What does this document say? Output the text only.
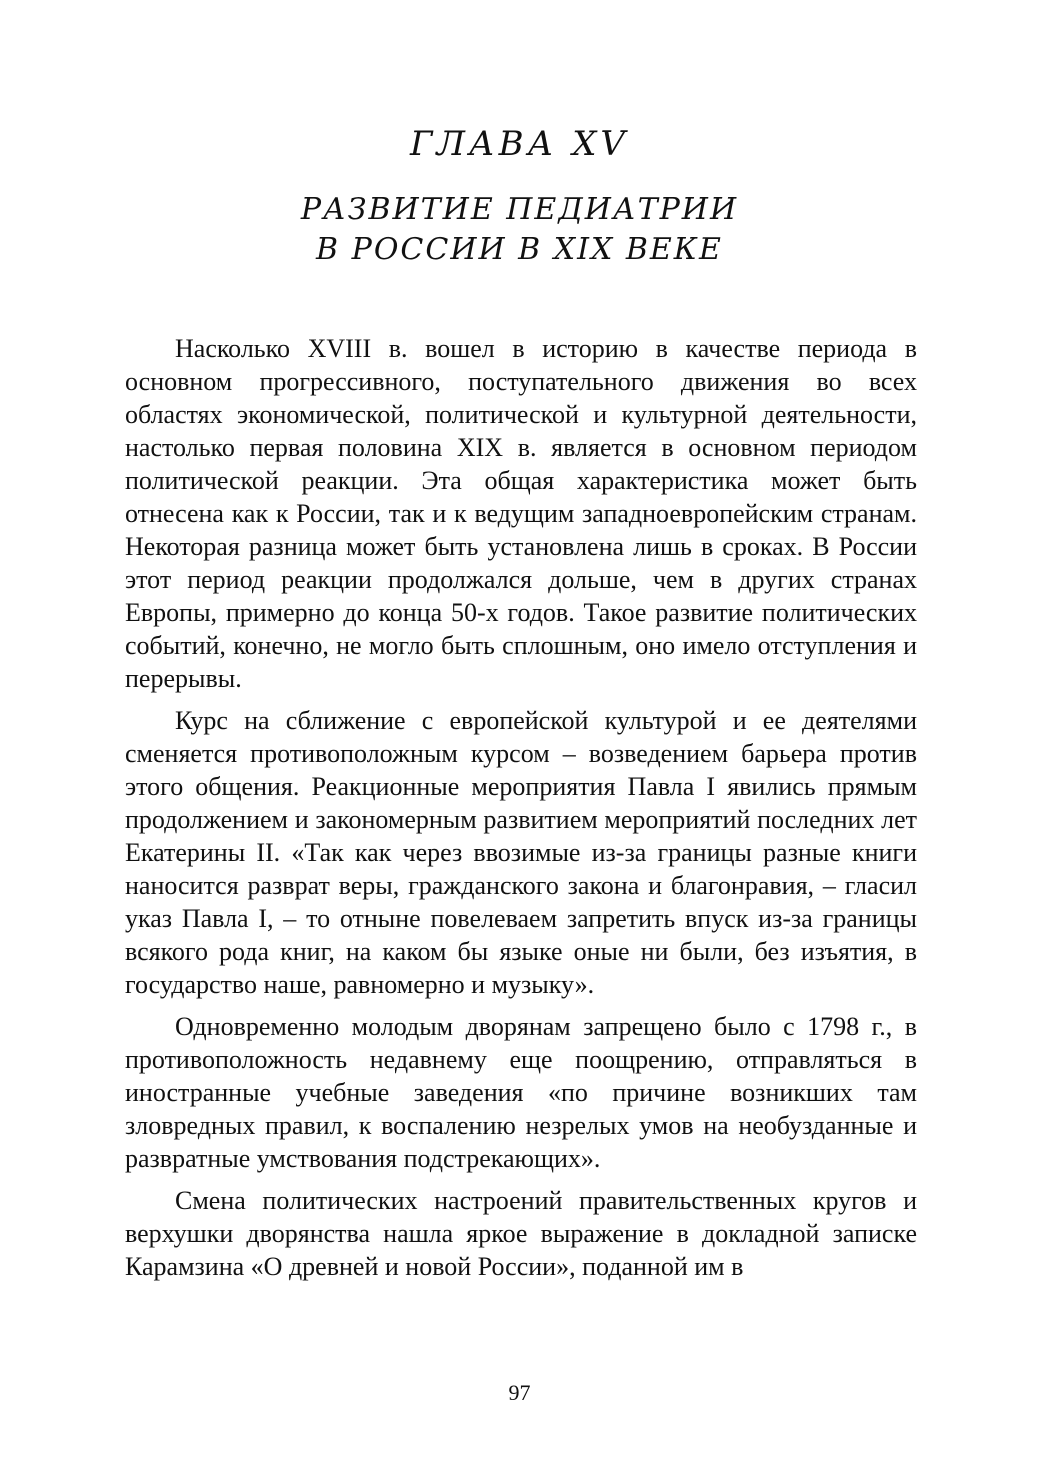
ГЛАВА XV
РАЗВИТИЕ ПЕДИАТРИИ
В РОССИИ В XIX ВЕКЕ

Насколько XVIII в. вошел в историю в качестве периода в основном прогрессивного, поступательного движения во всех областях экономической, политической и культурной деятельности, настолько первая половина XIX в. является в основном периодом политической реакции. Эта общая характеристика может быть отнесена как к России, так и к ведущим западноевропейским странам. Некоторая разница может быть установлена лишь в сроках. В России этот период реакции продолжался дольше, чем в других странах Европы, примерно до конца 50-х годов. Такое развитие политических событий, конечно, не могло быть сплошным, оно имело отступления и перерывы.

Курс на сближение с европейской культурой и ее деятелями сменяется противоположным курсом – возведением барьера против этого общения. Реакционные мероприятия Павла I явились прямым продолжением и закономерным развитием мероприятий последних лет Екатерины II. «Так как через ввозимые из-за границы разные книги наносится разврат веры, гражданского закона и благонравия, – гласил указ Павла I, – то отныне повелеваем запретить впуск из-за границы всякого рода книг, на каком бы языке оные ни были, без изъятия, в государство наше, равномерно и музыку».

Одновременно молодым дворянам запрещено было с 1798 г., в противоположность недавнему еще поощрению, отправляться в иностранные учебные заведения «по причине возникших там зловредных правил, к воспалению незрелых умов на необузданные и развратные умствования подстрекающих».

Смена политических настроений правительственных кругов и верхушки дворянства нашла яркое выражение в докладной записке Карамзина «О древней и новой России», поданной им в

97
